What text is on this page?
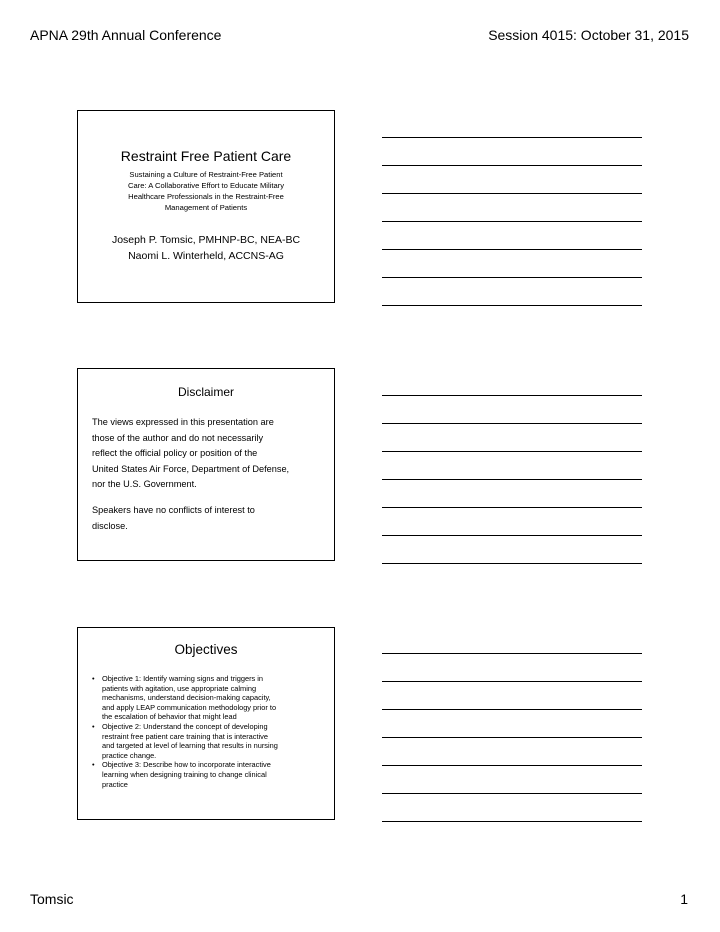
APNA 29th Annual Conference	Session 4015: October 31, 2015
Restraint Free Patient Care
Sustaining a Culture of Restraint-Free Patient
Care: A Collaborative Effort to Educate Military
Healthcare Professionals in the Restraint-Free
Management of Patients
Joseph P. Tomsic, PMHNP-BC, NEA-BC
Naomi L. Winterheld, ACCNS-AG
Disclaimer
The views expressed in this presentation are
those of the author and do not necessarily
reflect the official policy or position of the
United States Air Force, Department of Defense,
nor the U.S. Government.
Speakers have no conflicts of interest to
disclose.
Objectives
• Objective 1: Identify warning signs and triggers in
patients with agitation, use appropriate calming
mechanisms, understand decision-making capacity,
and apply LEAP communication methodology prior to
the escalation of behavior that might lead
• Objective 2: Understand the concept of developing
restraint free patient care training that is interactive
and targeted at level of learning that results in nursing
practice change.
• Objective 3: Describe how to incorporate interactive
learning when designing training to change clinical
practice
Tomsic	1
